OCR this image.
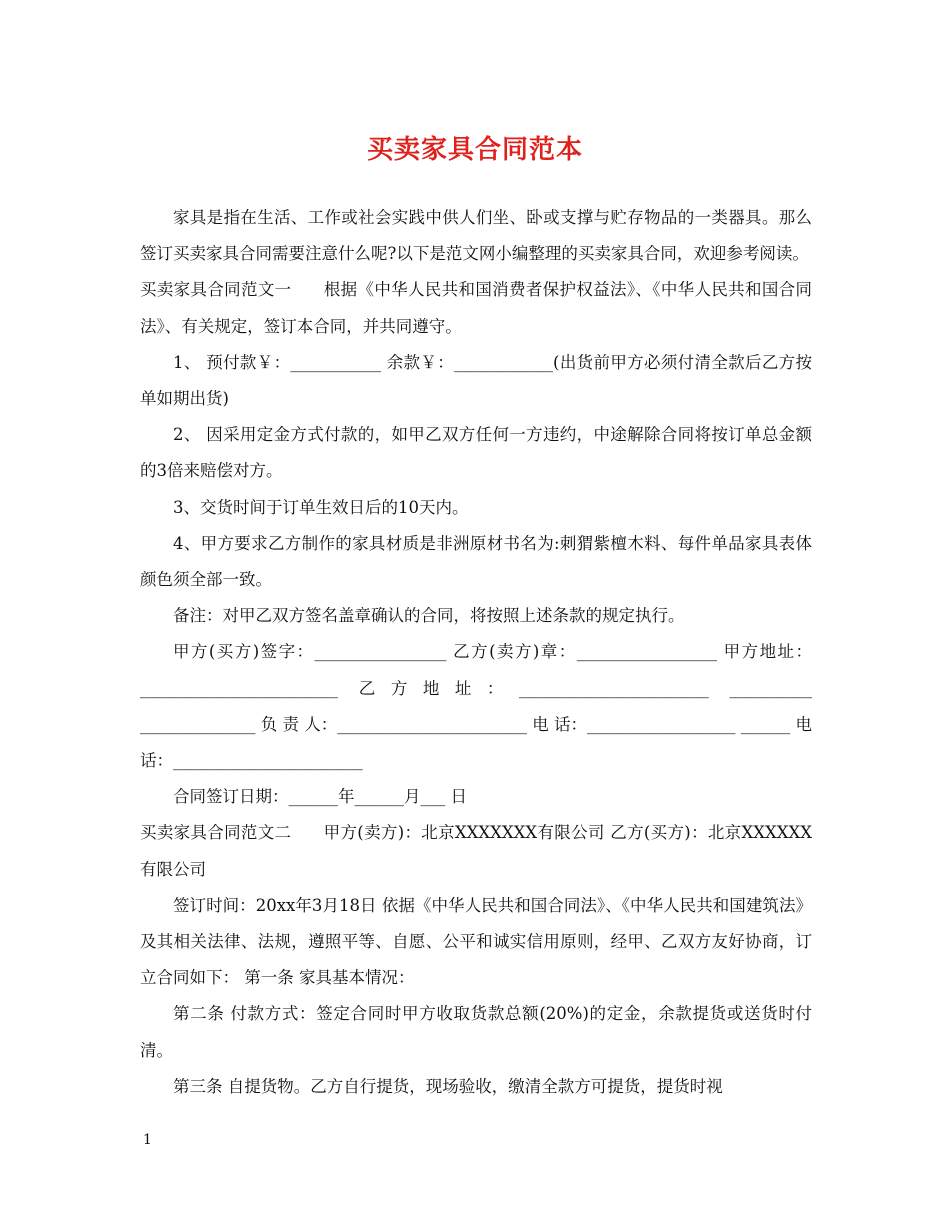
买卖家具合同范本

家具是指在生活、工作或社会实践中供人们坐、卧或支撑与贮存物品的一类器具。那么签订买卖家具合同需要注意什么呢?以下是范文网小编整理的买卖家具合同，欢迎参考阅读。

买卖家具合同范文一 根据《中华人民共和国消费者保护权益法》、《中华人民共和国合同法》、有关规定，签订本合同，并共同遵守。

1、 预付款￥：___________ 余款￥：____________(出货前甲方必须付清全款后乙方按单如期出货)

2、 因采用定金方式付款的，如甲乙双方任何一方违约，中途解除合同将按订单总金额的3倍来赔偿对方。

3、交货时间于订单生效日后的10天内。

4、甲方要求乙方制作的家具材质是非洲原材书名为:刺猬紫檀木料、每件单品家具表体颜色须全部一致。

备注：对甲乙双方签名盖章确认的合同，将按照上述条款的规定执行。

甲方(买方)签字：________________ 乙方(卖方)章：_________________ 甲方地址：________________________ 乙方地址：_______________________ __________ ______________ 负 责 人：_______________________ 电 话：__________________ ______ 电 话：_______________________

合同签订日期：______年______月___ 日

买卖家具合同范文二 甲方(卖方)：北京XXXXXXX有限公司 乙方(买方)：北京XXXXXX有限公司

签订时间：20xx年3月18日 依据《中华人民共和国合同法》、《中华人民共和国建筑法》及其相关法律、法规，遵照平等、自愿、公平和诚实信用原则，经甲、乙双方友好协商，订立合同如下： 第一条 家具基本情况：

第二条 付款方式：签定合同时甲方收取货款总额(20%)的定金，余款提货或送货时付清。

第三条 自提货物。乙方自行提货，现场验收，缴清全款方可提货，提货时视

1
